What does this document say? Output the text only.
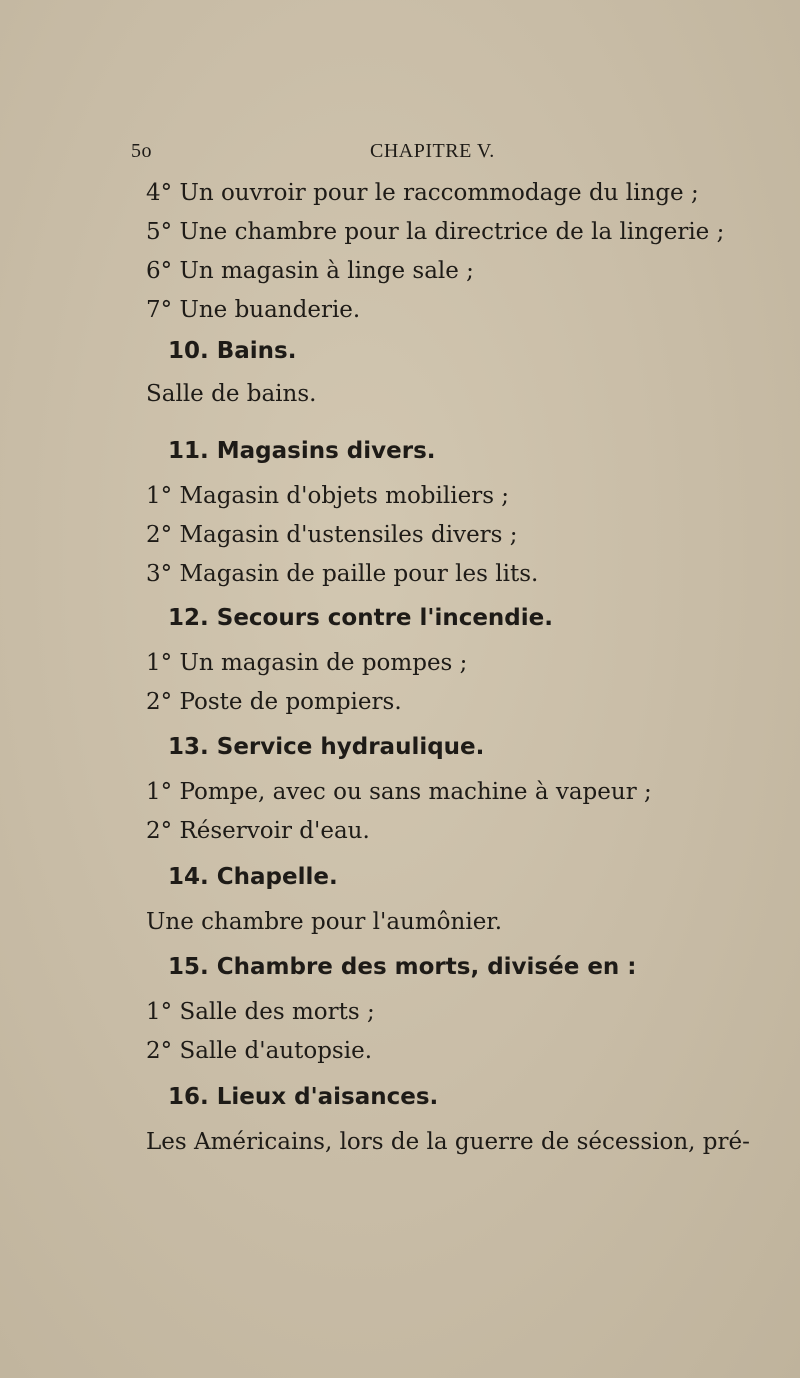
5o	CHAPITRE V.
4° Un ouvroir pour le raccommodage du linge ;
5° Une chambre pour la directrice de la lingerie ;
6° Un magasin à linge sale ;
7° Une buanderie.
10. Bains.
Salle de bains.
11. Magasins divers.
1° Magasin d'objets mobiliers ;
2° Magasin d'ustensiles divers ;
3° Magasin de paille pour les lits.
12. Secours contre l'incendie.
1° Un magasin de pompes ;
2° Poste de pompiers.
13. Service hydraulique.
1° Pompe, avec ou sans machine à vapeur ;
2° Réservoir d'eau.
14. Chapelle.
Une chambre pour l'aumônier.
15. Chambre des morts, divisée en :
1° Salle des morts ;
2° Salle d'autopsie.
16. Lieux d'aisances.
Les Américains, lors de la guerre de sécession, pré-
